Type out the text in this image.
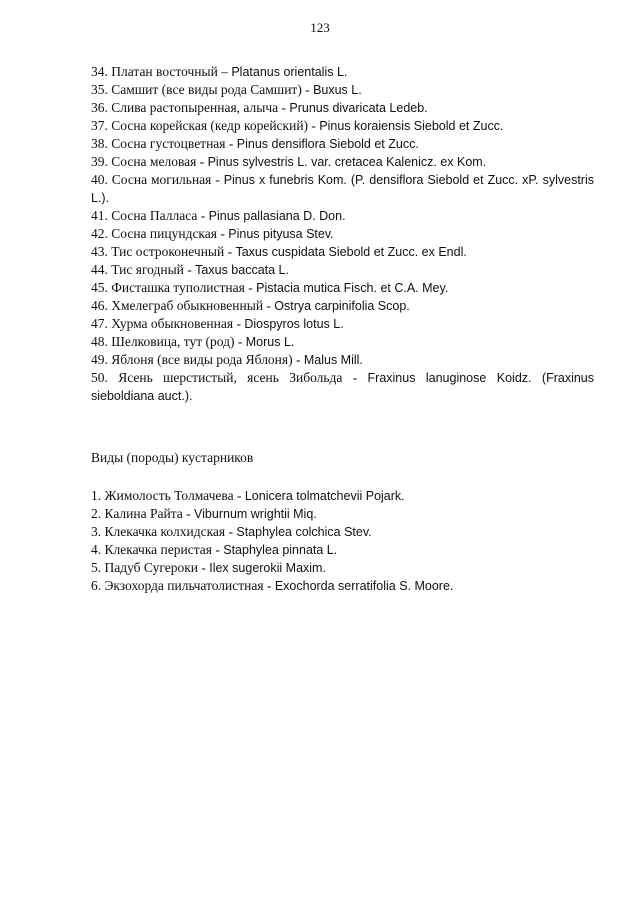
123

34. Платан восточный – Platanus orientalis L.

35. Самшит (все виды рода Самшит) - Buxus L.

36. Слива растопыренная, алыча - Prunus divaricata Ledeb.

37. Сосна корейская (кедр корейский) - Pinus koraiensis Siebold et Zucc.

38. Сосна густоцветная - Pinus densiflora Siebold et Zucc.

39. Сосна меловая - Pinus sylvestris L. var. cretacea Kalenicz. ex Kom.

40. Сосна могильная - Pinus x funebris Kom. (P. densiflora Siebold et Zucc. xP. sylvestris L.).

41. Сосна Палласа - Pinus pallasiana D. Don.

42. Сосна пицундская - Pinus pityusa Stev.

43. Тис остроконечный - Taxus cuspidata Siebold et Zucc. ex Endl.

44. Тис ягодный - Taxus baccata L.

45. Фисташка туполистная - Pistacia mutica Fisch. et C.A. Mey.

46. Хмелеграб обыкновенный - Ostrya carpinifolia Scop.

47. Хурма обыкновенная - Diospyros lotus L.

48. Шелковица, тут (род) - Morus L.

49. Яблоня (все виды рода Яблоня) - Malus Mill.

50. Ясень шерстистый, ясень Зибольда - Fraxinus lanuginose Koidz. (Fraxinus sieboldiana auct.).

Виды (породы) кустарников

1. Жимолость Толмачева - Lonicera tolmatchevii Pojark.

2. Калина Райта - Viburnum wrightii Miq.

3. Клекачка колхидская - Staphylea colchica Stev.

4. Клекачка перистая - Staphylea pinnata L.

5. Падуб Сугероки - Ilex sugerokii Maxim.

6. Экзохорда пильчатолистная - Exochorda serratifolia S. Moore.
